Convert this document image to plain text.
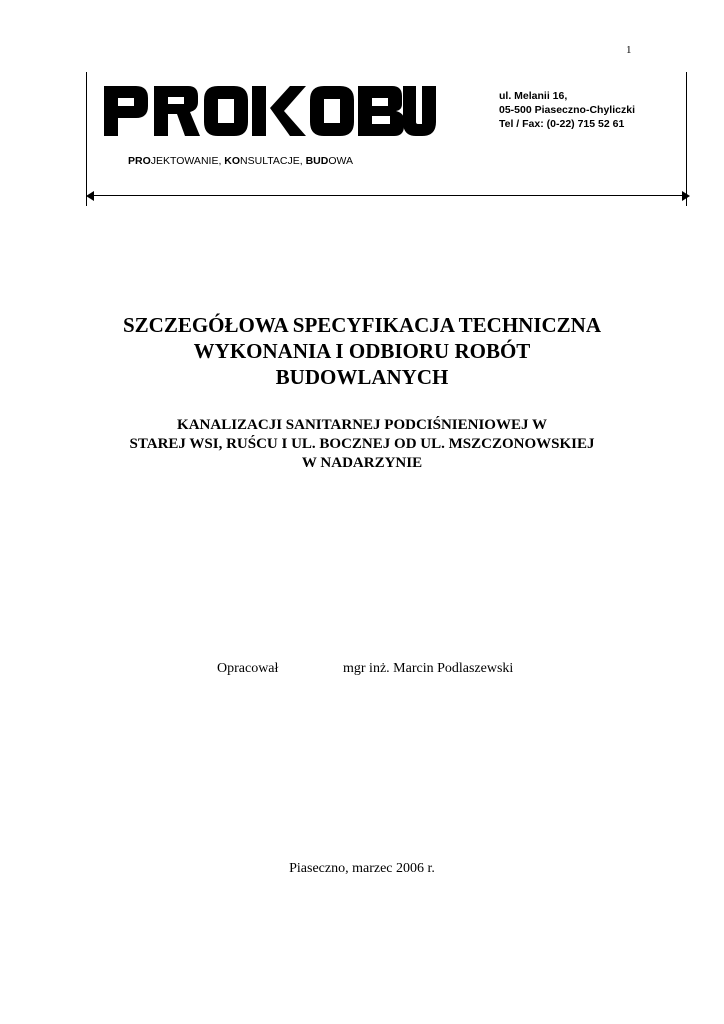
1
PROJEKTOWANIE, KONSULTACJE, BUDOWA
ul. Melanii 16,
05-500 Piaseczno-Chyliczki
Tel / Fax: (0-22) 715 52 61
SZCZEGÓŁOWA SPECYFIKACJA TECHNICZNA
WYKONANIA I ODBIORU ROBÓT
BUDOWLANYCH
KANALIZACJI SANITARNEJ PODCIŚNIENIOWEJ W
STAREJ WSI, RUŚCU I UL. BOCZNEJ OD UL. MSZCZONOWSKIEJ
W NADARZYNIE
Opracował	mgr inż. Marcin Podlaszewski
Piaseczno, marzec 2006 r.
